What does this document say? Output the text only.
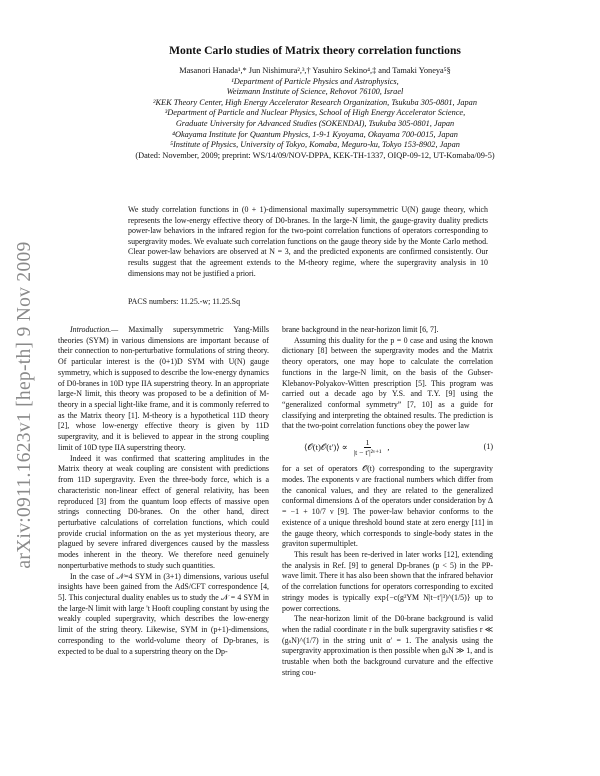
arXiv:0911.1623v1 [hep-th] 9 Nov 2009
Monte Carlo studies of Matrix theory correlation functions
Masanori Hanada¹,* Jun Nishimura²,³,† Yasuhiro Sekino⁴,‡ and Tamaki Yoneya⁵§
¹Department of Particle Physics and Astrophysics,
Weizmann Institute of Science, Rehovot 76100, Israel
²KEK Theory Center, High Energy Accelerator Research Organization, Tsukuba 305-0801, Japan
³Department of Particle and Nuclear Physics, School of High Energy Accelerator Science,
Graduate University for Advanced Studies (SOKENDAI), Tsukuba 305-0801, Japan
⁴Okayama Institute for Quantum Physics, 1-9-1 Kyoyama, Okayama 700-0015, Japan
⁵Institute of Physics, University of Tokyo, Komaba, Meguro-ku, Tokyo 153-8902, Japan
(Dated: November, 2009; preprint: WS/14/09/NOV-DPPA, KEK-TH-1337, OIQP-09-12, UT-Komaba/09-5)
We study correlation functions in (0 + 1)-dimensional maximally supersymmetric U(N) gauge theory, which represents the low-energy effective theory of D0-branes. In the large-N limit, the gauge-gravity duality predicts power-law behaviors in the infrared region for the two-point correlation functions of operators corresponding to supergravity modes. We evaluate such correlation functions on the gauge theory side by the Monte Carlo method. Clear power-law behaviors are observed at N = 3, and the predicted exponents are confirmed consistently. Our results suggest that the agreement extends to the M-theory regime, where the supergravity analysis in 10 dimensions may not be justified a priori.
PACS numbers: 11.25.-w; 11.25.Sq

Introduction.— Maximally supersymmetric Yang-Mills theories (SYM) in various dimensions are important because of their connection to non-perturbative formulations of string theory. Of particular interest is the (0+1)D SYM with U(N) gauge symmetry, which is supposed to describe the low-energy dynamics of D0-branes in 10D type IIA superstring theory. In an appropriate large-N limit, this theory was proposed to be a definition of M-theory in a special light-like frame, and it is commonly referred to as the Matrix theory [1]. M-theory is a hypothetical 11D theory [2], whose low-energy effective theory is given by 11D supergravity, and it is believed to appear in the strong coupling limit of 10D type IIA superstring theory.

Indeed it was confirmed that scattering amplitudes in the Matrix theory at weak coupling are consistent with predictions from 11D supergravity. Even the three-body force, which is a characteristic non-linear effect of general relativity, has been reproduced [3] from the quantum loop effects of massive open strings connecting D0-branes. On the other hand, direct perturbative calculations of correlation functions, which could provide crucial information on the as yet mysterious theory, are plagued by severe infrared divergences caused by the massless modes inherent in the theory. We therefore need genuinely nonperturbative methods to study such quantities.

In the case of 𝒩=4 SYM in (3+1) dimensions, various useful insights have been gained from the AdS/CFT correspondence [4, 5]. This conjectural duality enables us to study the 𝒩 = 4 SYM in the large-N limit with large 't Hooft coupling constant by using the weakly coupled supergravity, which describes the low-energy limit of the string theory. Likewise, SYM in (p+1)-dimensions, corresponding to the world-volume theory of Dp-branes, is expected to be dual to a superstring theory on the Dp-

brane background in the near-horizon limit [6, 7].

Assuming this duality for the p = 0 case and using the known dictionary [8] between the supergravity modes and the Matrix theory operators, one may hope to calculate the correlation functions in the large-N limit, on the basis of the Gubser-Klebanov-Polyakov-Witten prescription [5]. This program was carried out a decade ago by Y.S. and T.Y. [9] using the “generalized conformal symmetry” [7, 10] as a guide for classifying and interpreting the obtained results. The prediction is that the two-point correlation functions obey the power law

⟨𝒪(t)𝒪(t′)⟩ ∝ $\frac{1}{\text{|t − t′|²ᵛ⁺¹}}$ ,	(1)

for a set of operators 𝒪(t) corresponding to the supergravity modes. The exponents ν are fractional numbers which differ from the canonical values, and they are related to the generalized conformal dimensions Δ of the operators under consideration by Δ = −1 + 10/7 ν [9]. The power-law behavior conforms to the existence of a unique threshold bound state at zero energy [11] in the gauge theory, which corresponds to single-body states in the graviton supermultiplet.

This result has been re-derived in later works [12], extending the analysis in Ref. [9] to general Dp-branes (p < 5) in the PP-wave limit. There it has also been shown that the infrared behavior of the correlation functions for operators corresponding to excited stringy modes is typically exp{−c(g²YM N|t−t′|³)^(1/5)} up to power corrections.

The near-horizon limit of the D0-brane background is valid when the radial coordinate r in the bulk supergravity satisfies r ≪ (gₛN)^(1/7) in the string unit α′ = 1. The analysis using the supergravity approximation is then possible when gₛN ≫ 1, and is trustable when both the background curvature and the effective string cou-
